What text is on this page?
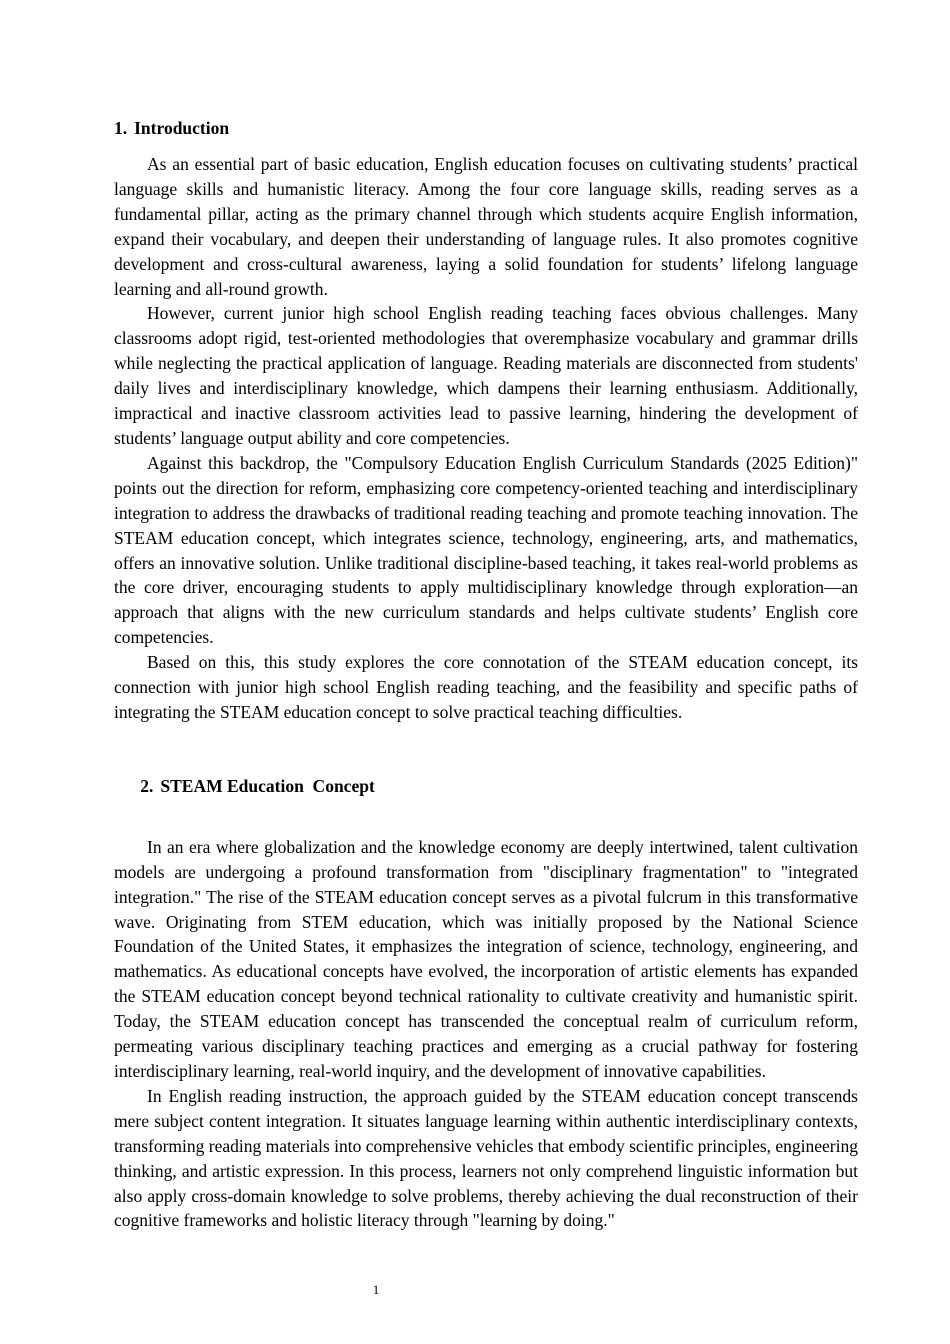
1. Introduction

As an essential part of basic education, English education focuses on cultivating students’ practical language skills and humanistic literacy. Among the four core language skills, reading serves as a fundamental pillar, acting as the primary channel through which students acquire English information, expand their vocabulary, and deepen their understanding of language rules. It also promotes cognitive development and cross-cultural awareness, laying a solid foundation for students’ lifelong language learning and all-round growth.

However, current junior high school English reading teaching faces obvious challenges. Many classrooms adopt rigid, test-oriented methodologies that overemphasize vocabulary and grammar drills while neglecting the practical application of language. Reading materials are disconnected from students' daily lives and interdisciplinary knowledge, which dampens their learning enthusiasm. Additionally, impractical and inactive classroom activities lead to passive learning, hindering the development of students’ language output ability and core competencies.

Against this backdrop, the "Compulsory Education English Curriculum Standards (2025 Edition)" points out the direction for reform, emphasizing core competency-oriented teaching and interdisciplinary integration to address the drawbacks of traditional reading teaching and promote teaching innovation. The STEAM education concept, which integrates science, technology, engineering, arts, and mathematics, offers an innovative solution. Unlike traditional discipline-based teaching, it takes real-world problems as the core driver, encouraging students to apply multidisciplinary knowledge through exploration—an approach that aligns with the new curriculum standards and helps cultivate students’ English core competencies.

Based on this, this study explores the core connotation of the STEAM education concept, its connection with junior high school English reading teaching, and the feasibility and specific paths of integrating the STEAM education concept to solve practical teaching difficulties.

2. STEAM Education  Concept

In an era where globalization and the knowledge economy are deeply intertwined, talent cultivation models are undergoing a profound transformation from "disciplinary fragmentation" to "integrated integration." The rise of the STEAM education concept serves as a pivotal fulcrum in this transformative wave. Originating from STEM education, which was initially proposed by the National Science Foundation of the United States, it emphasizes the integration of science, technology, engineering, and mathematics. As educational concepts have evolved, the incorporation of artistic elements has expanded the STEAM education concept beyond technical rationality to cultivate creativity and humanistic spirit. Today, the STEAM education concept has transcended the conceptual realm of curriculum reform, permeating various disciplinary teaching practices and emerging as a crucial pathway for fostering interdisciplinary learning, real-world inquiry, and the development of innovative capabilities.

In English reading instruction, the approach guided by the STEAM education concept transcends mere subject content integration. It situates language learning within authentic interdisciplinary contexts, transforming reading materials into comprehensive vehicles that embody scientific principles, engineering thinking, and artistic expression. In this process, learners not only comprehend linguistic information but also apply cross-domain knowledge to solve problems, thereby achieving the dual reconstruction of their cognitive frameworks and holistic literacy through "learning by doing."

1
